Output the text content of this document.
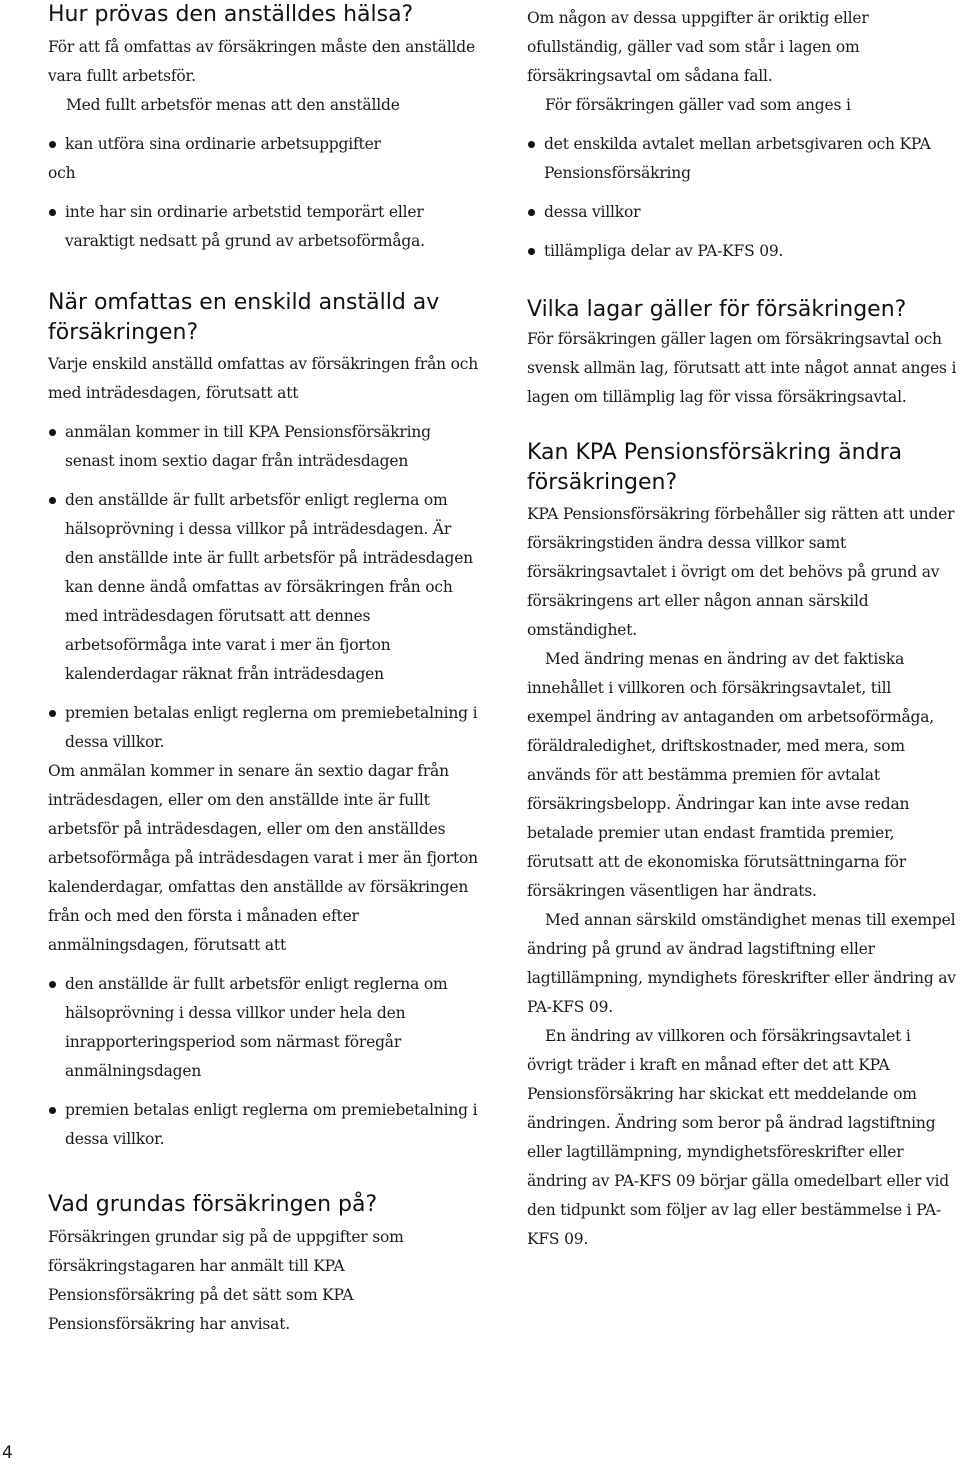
Hur prövas den anställdes hälsa?

För att få omfattas av försäkringen måste den anställde vara fullt arbetsför.

Med fullt arbetsför menas att den anställde

kan utföra sina ordinarie arbetsuppgifter

och

inte har sin ordinarie arbetstid temporärt eller varaktigt nedsatt på grund av arbetsoförmåga.
När omfattas en enskild anställd av försäkringen?

Varje enskild anställd omfattas av försäkringen från och med inträdesdagen, förutsatt att

anmälan kommer in till KPA Pensionsförsäkring senast inom sextio dagar från inträdesdagen
den anställde är fullt arbetsför enligt reglerna om hälsoprövning i dessa villkor på inträdesdagen. Är den anställde inte är fullt arbetsför på inträdesdagen kan denne ändå omfattas av försäkringen från och med inträdesdagen förutsatt att dennes arbetsoförmåga inte varat i mer än fjorton kalenderdagar räknat från inträdesdagen
premien betalas enligt reglerna om premiebetalning i dessa villkor.

Om anmälan kommer in senare än sextio dagar från inträdesdagen, eller om den anställde inte är fullt arbetsför på inträdesdagen, eller om den anställdes arbetsoförmåga på inträdesdagen varat i mer än fjorton kalenderdagar, omfattas den anställde av försäkringen från och med den första i månaden efter anmälningsdagen, förutsatt att

den anställde är fullt arbetsför enligt reglerna om hälsoprövning i dessa villkor under hela den inrapporteringsperiod som närmast föregår anmälningsdagen
premien betalas enligt reglerna om premiebetalning i dessa villkor.
Vad grundas försäkringen på?

Försäkringen grundar sig på de uppgifter som försäkringstagaren har anmält till KPA Pensionsförsäkring på det sätt som KPA Pensionsförsäkring har anvisat.

Om någon av dessa uppgifter är oriktig eller ofullständig, gäller vad som står i lagen om försäkringsavtal om sådana fall.

För försäkringen gäller vad som anges i

det enskilda avtalet mellan arbetsgivaren och KPA Pensionsförsäkring
dessa villkor
tillämpliga delar av PA-KFS 09.
Vilka lagar gäller för försäkringen?

För försäkringen gäller lagen om försäkringsavtal och svensk allmän lag, förutsatt att inte något annat anges i lagen om tillämplig lag för vissa försäkringsavtal.

Kan KPA Pensionsförsäkring ändra försäkringen?

KPA Pensionsförsäkring förbehåller sig rätten att under försäkringstiden ändra dessa villkor samt försäkringsavtalet i övrigt om det behövs på grund av försäkringens art eller någon annan särskild omständighet.

Med ändring menas en ändring av det faktiska innehållet i villkoren och försäkringsavtalet, till exempel ändring av antaganden om arbetsoförmåga, föräldraledighet, driftskostnader, med mera, som används för att bestämma premien för avtalat försäkringsbelopp. Ändringar kan inte avse redan betalade premier utan endast framtida premier, förutsatt att de ekonomiska förutsättningarna för försäkringen väsentligen har ändrats.

Med annan särskild omständighet menas till exempel ändring på grund av ändrad lagstiftning eller lagtillämpning, myndighets föreskrifter eller ändring av PA-KFS 09.

En ändring av villkoren och försäkringsavtalet i övrigt träder i kraft en månad efter det att KPA Pensionsförsäkring har skickat ett meddelande om ändringen. Ändring som beror på ändrad lagstiftning eller lagtillämpning, myndighetsföreskrifter eller ändring av PA-KFS 09 börjar gälla omedelbart eller vid den tidpunkt som följer av lag eller bestämmelse i PA-KFS 09.

4
